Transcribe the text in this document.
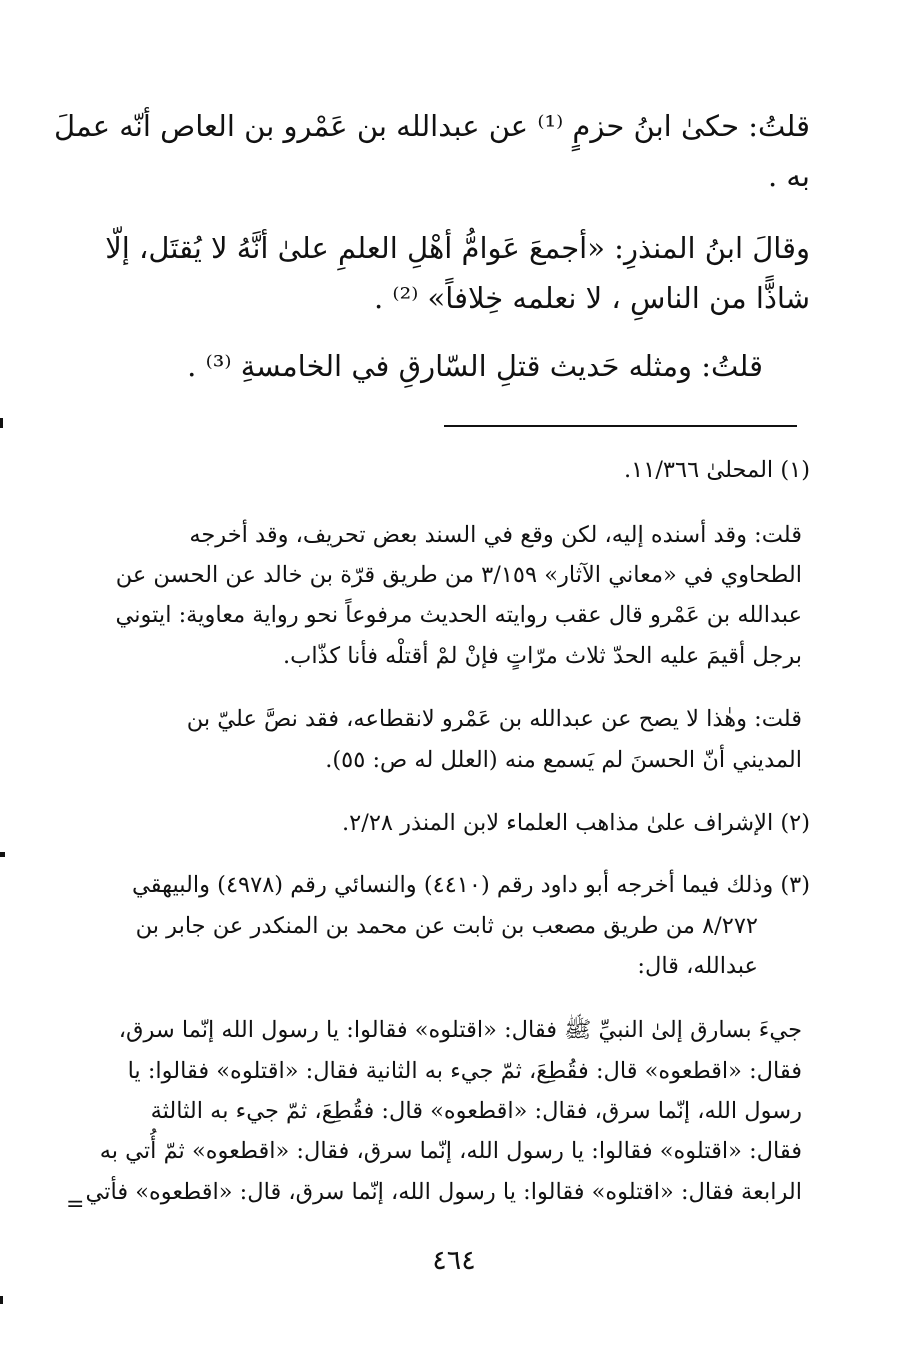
قلتُ: حكىٰ ابنُ حزمٍ ⁽¹⁾ عن عبدالله بن عَمْرو بن العاص أنّه عملَ
به .
وقالَ ابنُ المنذرِ: «أجمعَ عَوامُّ أهْلِ العلمِ علىٰ أنَّهُ لا يُقتَل، إلّا
شاذًّا من الناسِ ، لا نعلمه خِلافاً» ⁽²⁾ .
قلتُ: ومثله حَديث قتلِ السّارقِ في الخامسةِ ⁽³⁾ .
(١) المحلىٰ ١١/٣٦٦.
قلت: وقد أسنده إليه، لكن وقع في السند بعض تحريف، وقد أخرجه
الطحاوي في «معاني الآثار» ٣/١٥٩ من طريق قرّة بن خالد عن الحسن عن
عبدالله بن عَمْرو قال عقب روايته الحديث مرفوعاً نحو رواية معاوية: ايتوني
برجل أقيمَ عليه الحدّ ثلاث مرّاتٍ فإنْ لمْ أقتلْه فأنا كذّاب.
قلت: وهٰذا لا يصح عن عبدالله بن عَمْرو لانقطاعه، فقد نصَّ عليّ بن
المديني أنّ الحسنَ لم يَسمع منه (العلل له ص: ٥٥).
(٢) الإشراف علىٰ مذاهب العلماء لابن المنذر ٢/٢٨.
(٣) وذلك فيما أخرجه أبو داود رقم (٤٤١٠) والنسائي رقم (٤٩٧٨) والبيهقي
٨/٢٧٢ من طريق مصعب بن ثابت عن محمد بن المنكدر عن جابر بن
عبدالله، قال:
جيءَ بسارق إلىٰ النبيِّ ﷺ فقال: «اقتلوه» فقالوا: يا رسول الله إنّما سرق،
فقال: «اقطعوه» قال: فقُطِعَ، ثمّ جيء به الثانية فقال: «اقتلوه» فقالوا: يا
رسول الله، إنّما سرق، فقال: «اقطعوه» قال: فقُطِعَ، ثمّ جيء به الثالثة
فقال: «اقتلوه» فقالوا: يا رسول الله، إنّما سرق، فقال: «اقطعوه» ثمّ أُتي به
الرابعة فقال: «اقتلوه» فقالوا: يا رسول الله، إنّما سرق، قال: «اقطعوه» فأتي
=
٤٦٤
